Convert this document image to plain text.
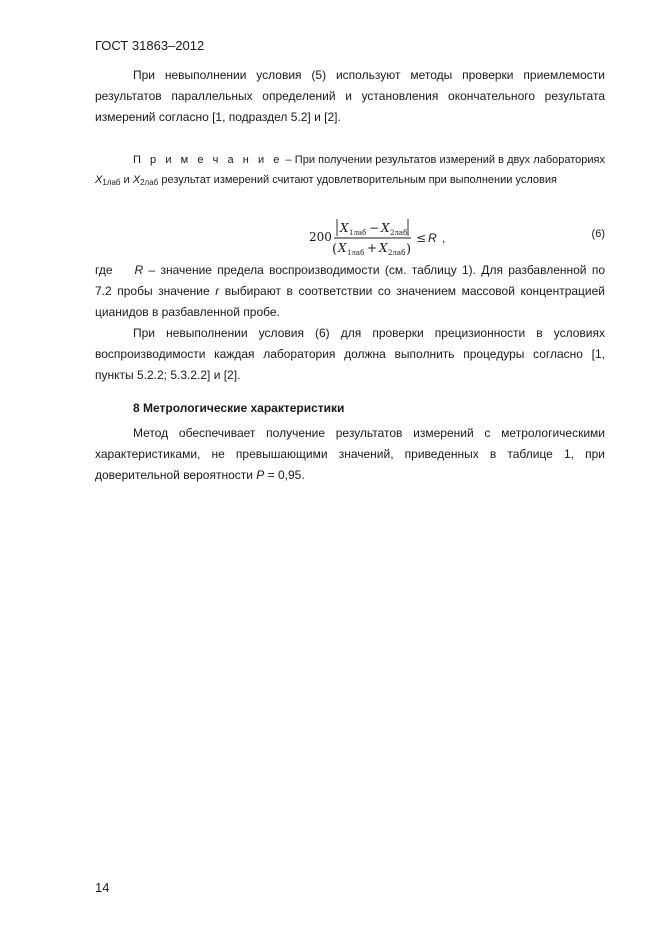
ГОСТ 31863–2012

При невыполнении условия (5) используют методы проверки приемлемости результатов параллельных определений и установления окончательного результата измерений согласно [1, подраздел 5.2] и [2].

П р и м е ч а н и е – При получении результатов измерений в двух лабораториях $X_{1лаб}$ и $X_{2лаб}$ результат измерений считают удовлетворительным при выполнении условия
200
X 1лаб − X 2лаб
( X 1лаб + X 2лаб )
≤ R ,	(6)

где R – значение предела воспроизводимости (см. таблицу 1). Для разбавленной по 7.2 пробы значение r выбирают в соответствии со значением массовой концентрацией цианидов в разбавленной пробе.

При невыполнении условия (6) для проверки прецизионности в условиях воспроизводимости каждая лаборатория должна выполнить процедуры согласно [1, пункты 5.2.2; 5.3.2.2] и [2].

8 Метрологические характеристики

Метод обеспечивает получение результатов измерений с метрологическими характеристиками, не превышающими значений, приведенных в таблице 1, при доверительной вероятности P = 0,95.

14
